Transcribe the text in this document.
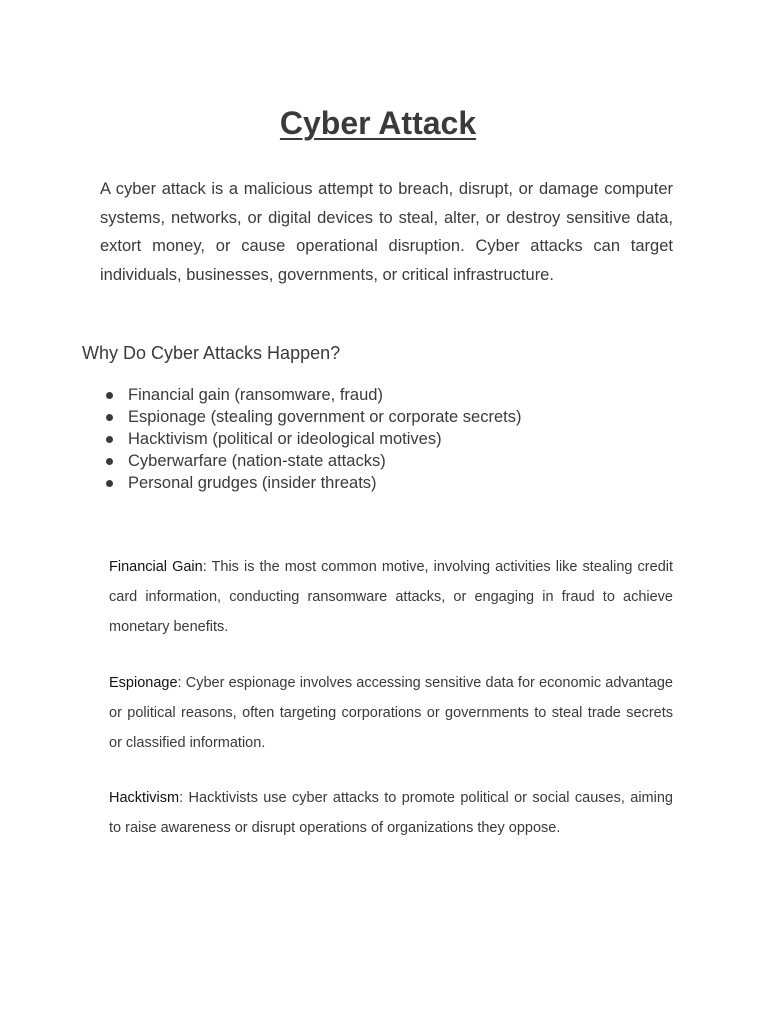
Cyber Attack

A cyber attack is a malicious attempt to breach, disrupt, or damage computer systems, networks, or digital devices to steal, alter, or destroy sensitive data, extort money, or cause operational disruption. Cyber attacks can target individuals, businesses, governments, or critical infrastructure.

Why Do Cyber Attacks Happen?
Financial gain (ransomware, fraud)
Espionage (stealing government or corporate secrets)
Hacktivism (political or ideological motives)
Cyberwarfare (nation-state attacks)
Personal grudges (insider threats)

Financial Gain: This is the most common motive, involving activities like stealing credit card information, conducting ransomware attacks, or engaging in fraud to achieve monetary benefits.

Espionage: Cyber espionage involves accessing sensitive data for economic advantage or political reasons, often targeting corporations or governments to steal trade secrets or classified information.

Hacktivism: Hacktivists use cyber attacks to promote political or social causes, aiming to raise awareness or disrupt operations of organizations they oppose.
